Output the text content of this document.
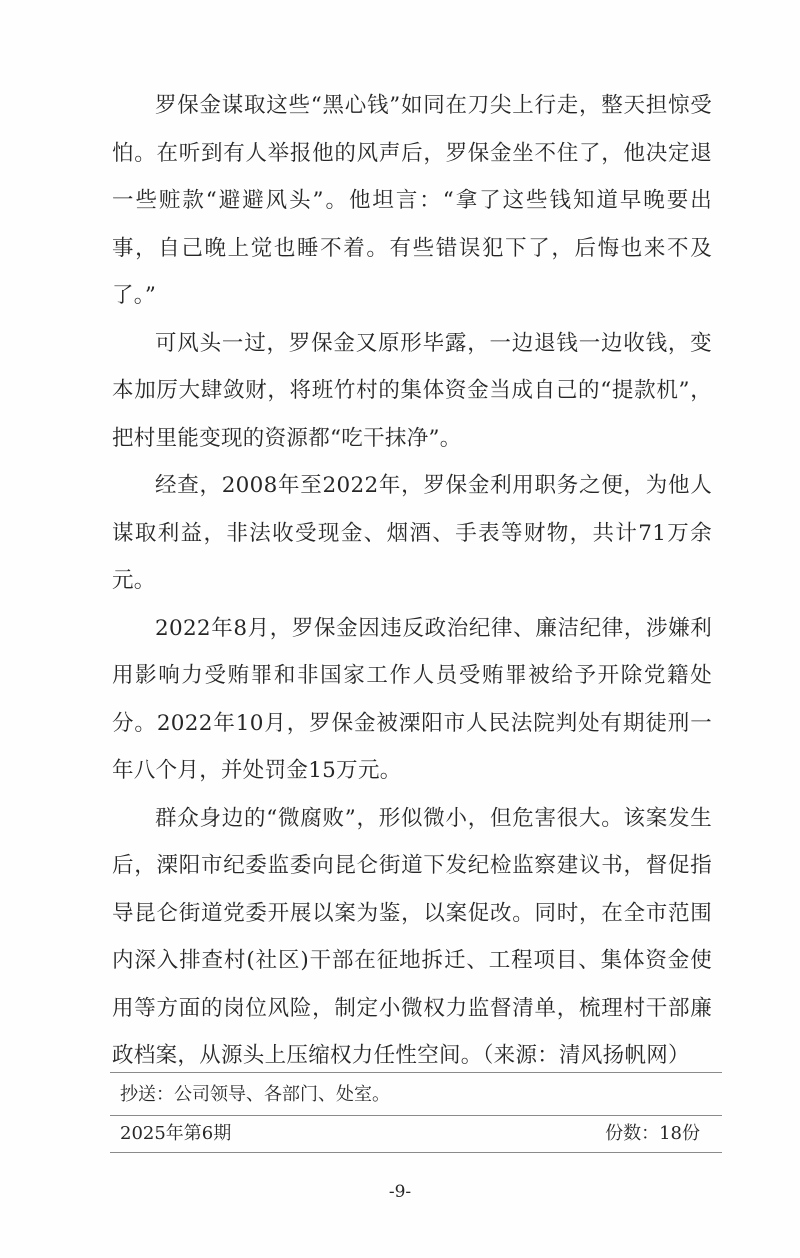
罗保金谋取这些“黑心钱”如同在刀尖上行走，整天担惊受怕。在听到有人举报他的风声后，罗保金坐不住了，他决定退一些赃款“避避风头”。他坦言：“拿了这些钱知道早晚要出事，自己晚上觉也睡不着。有些错误犯下了，后悔也来不及了。”

可风头一过，罗保金又原形毕露，一边退钱一边收钱，变本加厉大肆敛财，将班竹村的集体资金当成自己的“提款机”，把村里能变现的资源都“吃干抹净”。

经查，2008年至2022年，罗保金利用职务之便，为他人谋取利益，非法收受现金、烟酒、手表等财物，共计71万余元。

2022年8月，罗保金因违反政治纪律、廉洁纪律，涉嫌利用影响力受贿罪和非国家工作人员受贿罪被给予开除党籍处分。2022年10月，罗保金被溧阳市人民法院判处有期徒刑一年八个月，并处罚金15万元。

群众身边的“微腐败”，形似微小，但危害很大。该案发生后，溧阳市纪委监委向昆仑街道下发纪检监察建议书，督促指导昆仑街道党委开展以案为鉴，以案促改。同时，在全市范围内深入排查村(社区)干部在征地拆迁、工程项目、集体资金使用等方面的岗位风险，制定小微权力监督清单，梳理村干部廉政档案，从源头上压缩权力任性空间。（来源：清风扬帆网）

抄送：公司领导、各部门、处室。
2025年第6期	份数：18份
-9-
